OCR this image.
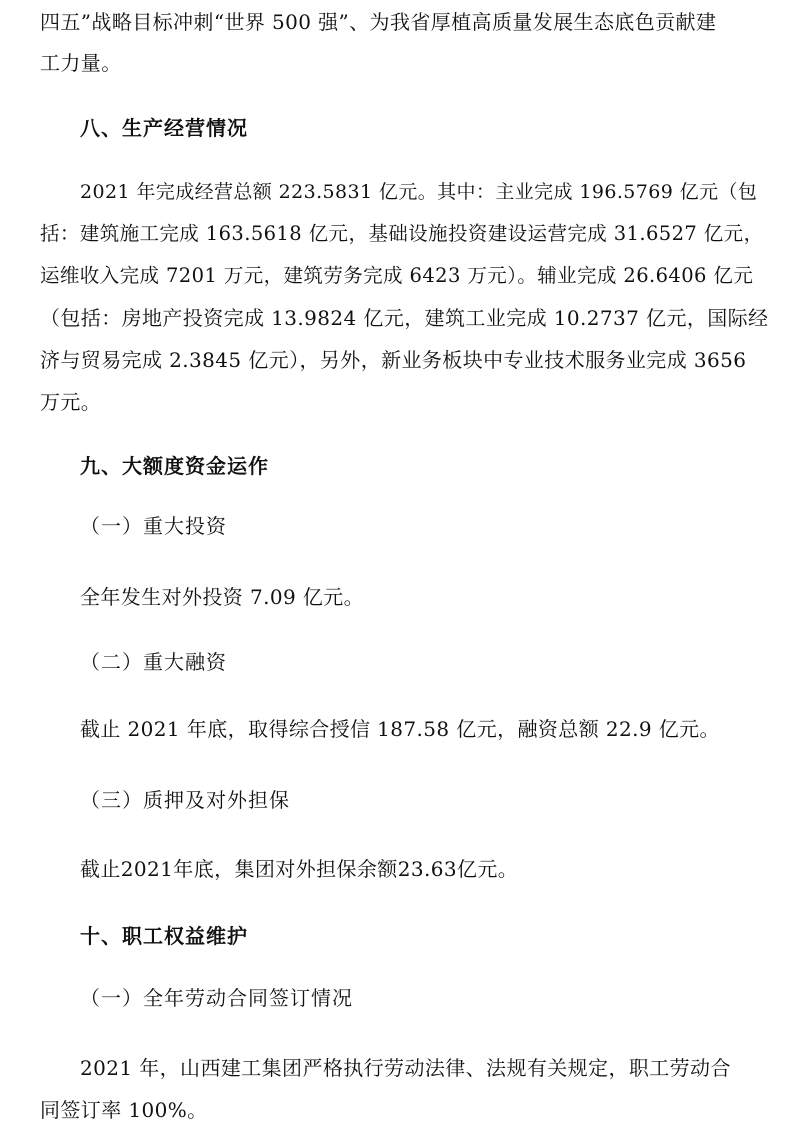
四五”战略目标冲刺“世界 500 强”、为我省厚植高质量发展生态底色贡献建
工力量。
八、生产经营情况
2021 年完成经营总额 223.5831 亿元。其中：主业完成 196.5769 亿元（包
括：建筑施工完成 163.5618 亿元，基础设施投资建设运营完成 31.6527 亿元，
运维收入完成 7201 万元，建筑劳务完成 6423 万元）。辅业完成 26.6406 亿元
（包括：房地产投资完成 13.9824 亿元，建筑工业完成 10.2737 亿元，国际经
济与贸易完成 2.3845 亿元），另外，新业务板块中专业技术服务业完成 3656
万元。
九、大额度资金运作
（一）重大投资
全年发生对外投资 7.09 亿元。
（二）重大融资
截止 2021 年底，取得综合授信 187.58 亿元，融资总额 22.9 亿元。
（三）质押及对外担保
截止2021年底，集团对外担保余额23.63亿元。
十、职工权益维护
（一）全年劳动合同签订情况
2021 年，山西建工集团严格执行劳动法律、法规有关规定，职工劳动合
同签订率 100%。
